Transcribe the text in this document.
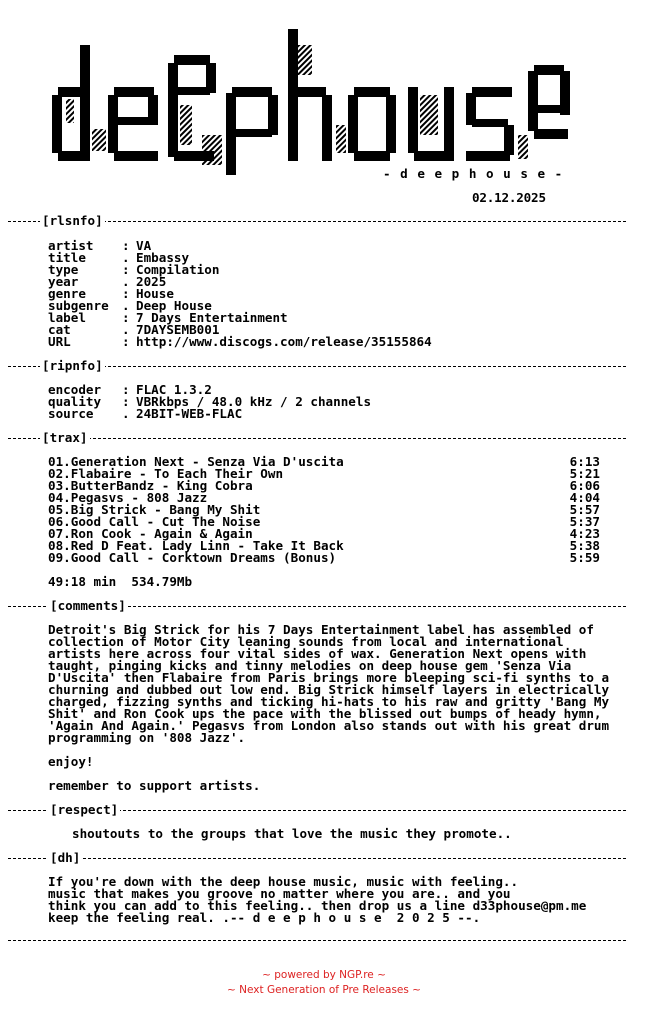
- d e e p h o u s e -
02.12.2025
[rlsnfo]
artist : VA
title	. Embassy
type	: Compilation
year	. 2025
genre	: House
subgenre . Deep House
label	: 7 Days Entertainment
cat	. 7DAYSEMB001
URL	: http://www.discogs.com/release/35155864
[ripnfo]
encoder : FLAC 1.3.2
quality : VBRkbps / 48.0 kHz / 2 channels
source . 24BIT-WEB-FLAC
[trax]
01.Generation Next - Senza Via D'uscita	6:13
02.Flabaire - To Each Their Own	5:21
03.ButterBandz - King Cobra	6:06
04.Pegasvs - 808 Jazz	4:04
05.Big Strick - Bang My Shit	5:57
06.Good Call - Cut The Noise	5:37
07.Ron Cook - Again & Again	4:23
08.Red D Feat. Lady Linn - Take It Back	5:38
09.Good Call - Corktown Dreams (Bonus)	5:59
49:18 min  534.79Mb
[comments]
Detroit's Big Strick for his 7 Days Entertainment label has assembled of
collection of Motor City leaning sounds from local and international
artists here across four vital sides of wax. Generation Next opens with
taught, pinging kicks and tinny melodies on deep house gem 'Senza Via
D'Uscita' then Flabaire from Paris brings more bleeping sci-fi synths to a
churning and dubbed out low end. Big Strick himself layers in electrically
charged, fizzing synths and ticking hi-hats to his raw and gritty 'Bang My
Shit' and Ron Cook ups the pace with the blissed out bumps of heady hymn,
'Again And Again.' Pegasvs from London also stands out with his great drum
programming on '808 Jazz'.
enjoy!
remember to support artists.
[respect]
shoutouts to the groups that love the music they promote..
[dh]
If you're down with the deep house music, music with feeling..
music that makes you groove no matter where you are.. and you
think you can add to this feeling.. then drop us a line d33phouse@pm.me
keep the feeling real. .-- d e e p h o u s e  2 0 2 5 --.
~ powered by NGP.re ~
~ Next Generation of Pre Releases ~
